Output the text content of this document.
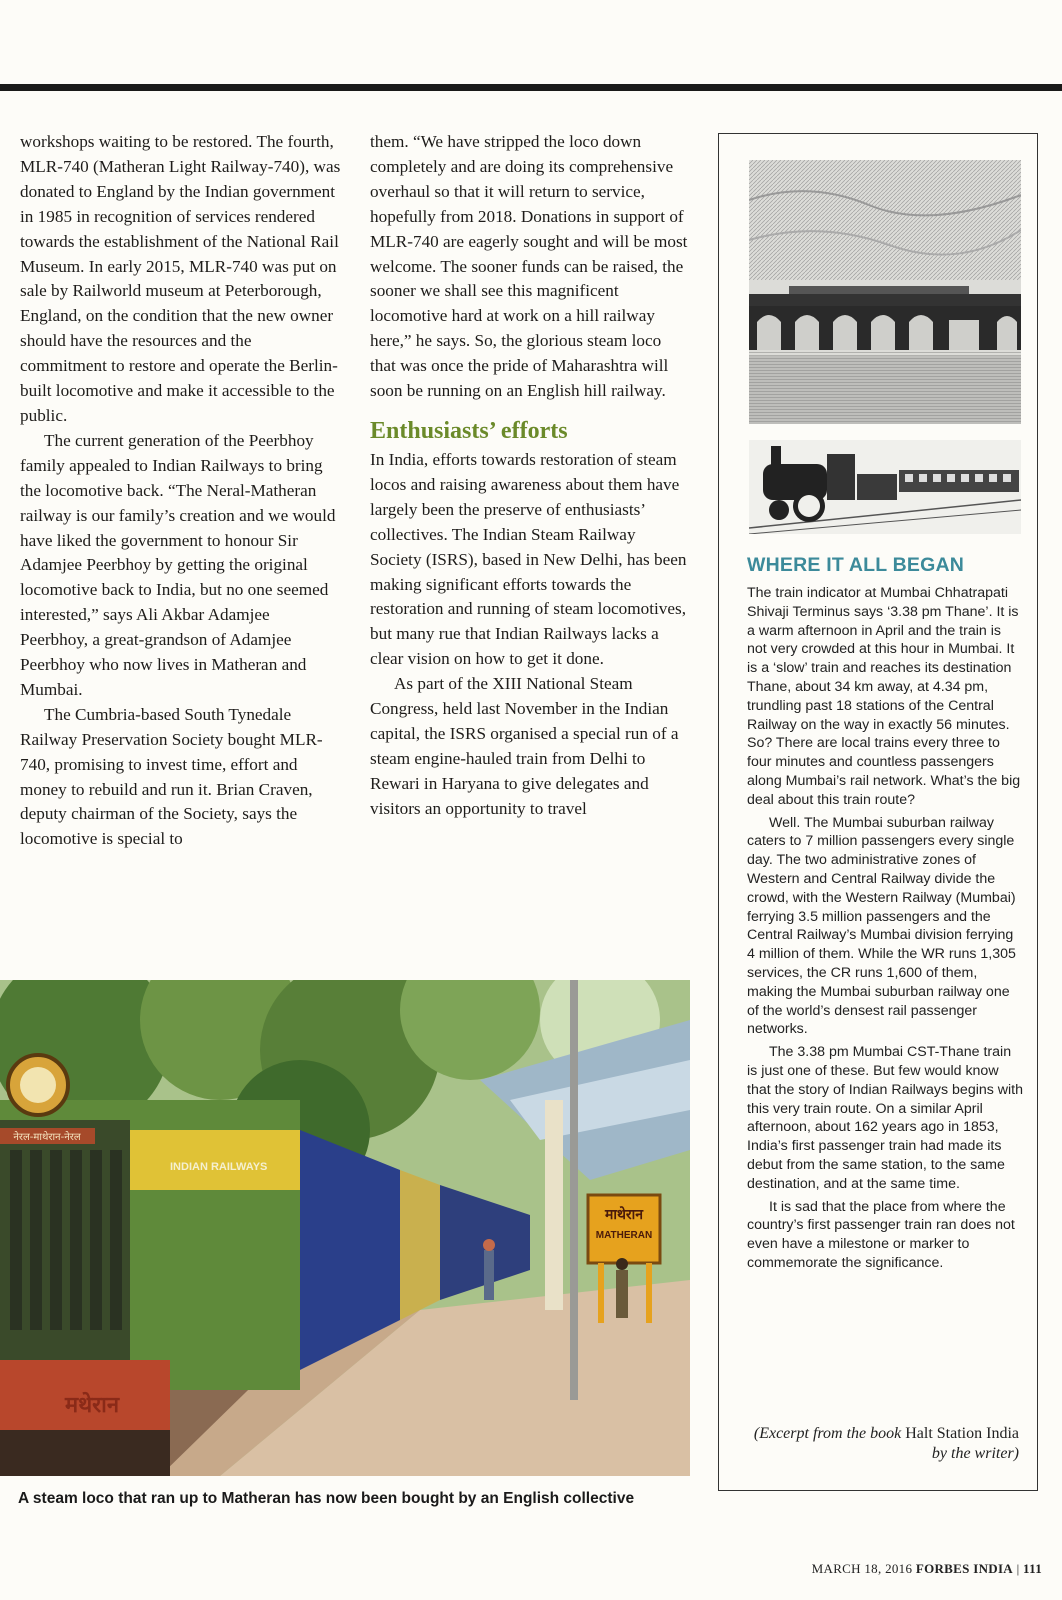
workshops waiting to be restored. The fourth, MLR-740 (Matheran Light Railway-740), was donated to England by the Indian government in 1985 in recognition of services rendered towards the establishment of the National Rail Museum. In early 2015, MLR-740 was put on sale by Railworld museum at Peterborough, England, on the condition that the new owner should have the resources and the commitment to restore and operate the Berlin-built locomotive and make it accessible to the public.

The current generation of the Peerbhoy family appealed to Indian Railways to bring the locomotive back. “The Neral-Matheran railway is our family’s creation and we would have liked the government to honour Sir Adamjee Peerbhoy by getting the original locomotive back to India, but no one seemed interested,” says Ali Akbar Adamjee Peerbhoy, a great-grandson of Adamjee Peerbhoy who now lives in Matheran and Mumbai.

The Cumbria-based South Tynedale Railway Preservation Society bought MLR-740, promising to invest time, effort and money to rebuild and run it. Brian Craven, deputy chairman of the Society, says the locomotive is special to

them. “We have stripped the loco down completely and are doing its comprehensive overhaul so that it will return to service, hopefully from 2018. Donations in support of MLR-740 are eagerly sought and will be most welcome. The sooner funds can be raised, the sooner we shall see this magnificent locomotive hard at work on a hill railway here,” he says. So, the glorious steam loco that was once the pride of Maharashtra will soon be running on an English hill railway.

Enthusiasts’ efforts

In India, efforts towards restoration of steam locos and raising awareness about them have largely been the preserve of enthusiasts’ collectives. The Indian Steam Railway Society (ISRS), based in New Delhi, has been making significant efforts towards the restoration and running of steam locomotives, but many rue that Indian Railways lacks a clear vision on how to get it done.

As part of the XIII National Steam Congress, held last November in the Indian capital, the ISRS organised a special run of a steam engine-hauled train from Delhi to Rewari in Haryana to give delegates and visitors an opportunity to travel

WHERE IT ALL BEGAN

The train indicator at Mumbai Chhatrapati Shivaji Terminus says ‘3.38 pm Thane’. It is a warm afternoon in April and the train is not very crowded at this hour in Mumbai. It is a ‘slow’ train and reaches its destination Thane, about 34 km away, at 4.34 pm, trundling past 18 stations of the Central Railway on the way in exactly 56 minutes. So? There are local trains every three to four minutes and countless passengers along Mumbai’s rail network. What’s the big deal about this train route?

Well. The Mumbai suburban railway caters to 7 million passengers every single day. The two administrative zones of Western and Central Railway divide the crowd, with the Western Railway (Mumbai) ferrying 3.5 million passengers and the Central Railway’s Mumbai division ferrying 4 million of them. While the WR runs 1,305 services, the CR runs 1,600 of them, making the Mumbai suburban railway one of the world’s densest rail passenger networks.

The 3.38 pm Mumbai CST-Thane train is just one of these. But few would know that the story of Indian Railways begins with this very train route. On a similar April afternoon, about 162 years ago in 1853, India’s first passenger train had made its debut from the same station, to the same destination, and at the same time.

It is sad that the place from where the country’s first passenger train ran does not even have a milestone or marker to commemorate the significance.

(Excerpt from the book Halt Station India by the writer)
माथेरान
MATHERAN
नेरल-माथेरान-नेरल
INDIAN RAILWAYS
मथेरान

A steam loco that ran up to Matheran has now been bought by an English collective

MARCH 18, 2016 FORBES INDIA | 111
